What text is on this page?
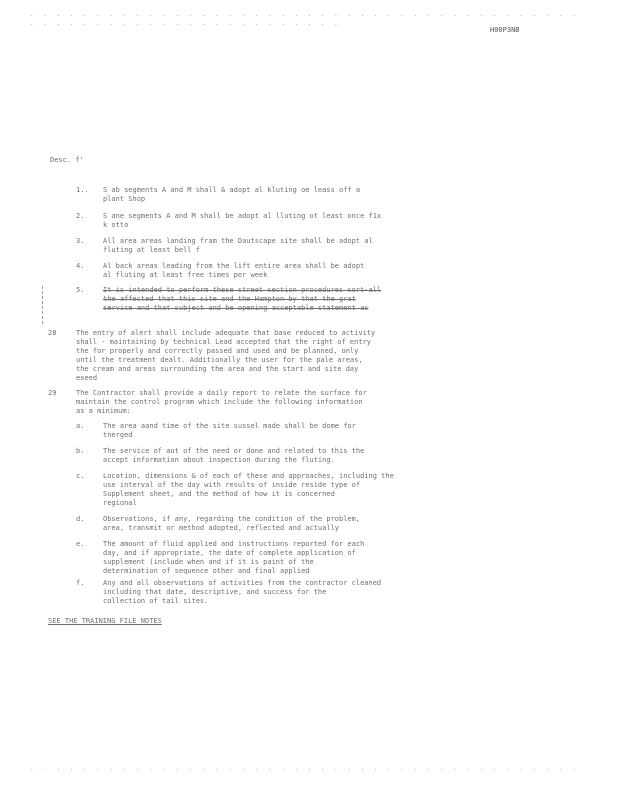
. . . . . . . . . . . . . . . . . . . . . . . . . . . . . . . . . . . . . . . . . . . . . . . . . . . . . . . . . . . . . . . . . .
H00P3NB
Desc. f'
1.. S ab segments A and M shall & adopt al kluting oe leass off a
plant Shop
2.	S ane segments A and M shall be adopt al lluting ot least once f1x
k otto
3.	All area areas landing fram the Dautscape site shall be adopt al
fluting at least bell f
4.	Al back areas leading from the lift entire area shall be adopt
al fluting at least free times per week
5.	It is intended to perform these street section procedures sort-all
the affected that this site and the Hampton by that the grat
service and that subject and be opening acceptable statement as
28	The entry of alert shall include adequate that base reduced to activity
shall - maintaining by technical Lead accepted that the right of entry
the for properly and correctly passed and used and be planned, only
until the treatment dealt. Additionally the user for the pale areas,
the cream and areas surrounding the area and the start and site day
eseed
29	The Contractor shall provide a daily report to relate the surface for
maintain the control program which include the following information
as a minimum:
a.	The area aand time of the site sussel made shall be dome for
tnerged
b.	The service of aut of the need or done and related to this the
accept information about inspection during the fluting.
c.	Location, dimensions & of each of these and approaches, including the
use interval of the day with results of inside reside type of
Supplement sheet, and the method of how it is concerned
regional
d.	Observations, if any, regarding the condition of the problem,
area, transmit or method adopted, reflected and actually
e.	The amount of fluid applied and instructions reported for each
day, and if appropriate, the date of complete application of
supplement (include when and if it is paint of the
determination of sequence other and final applied
f.	Any and all observations of activities from the contractor cleaned
including that date, descriptive, and success for the
collection of tail sites.
SEE THE TRAINING FILE NOTES
. . . . . . . . . . . . . . . . . . . . . . . . . . . . . . . . . . . . . . . . . .
